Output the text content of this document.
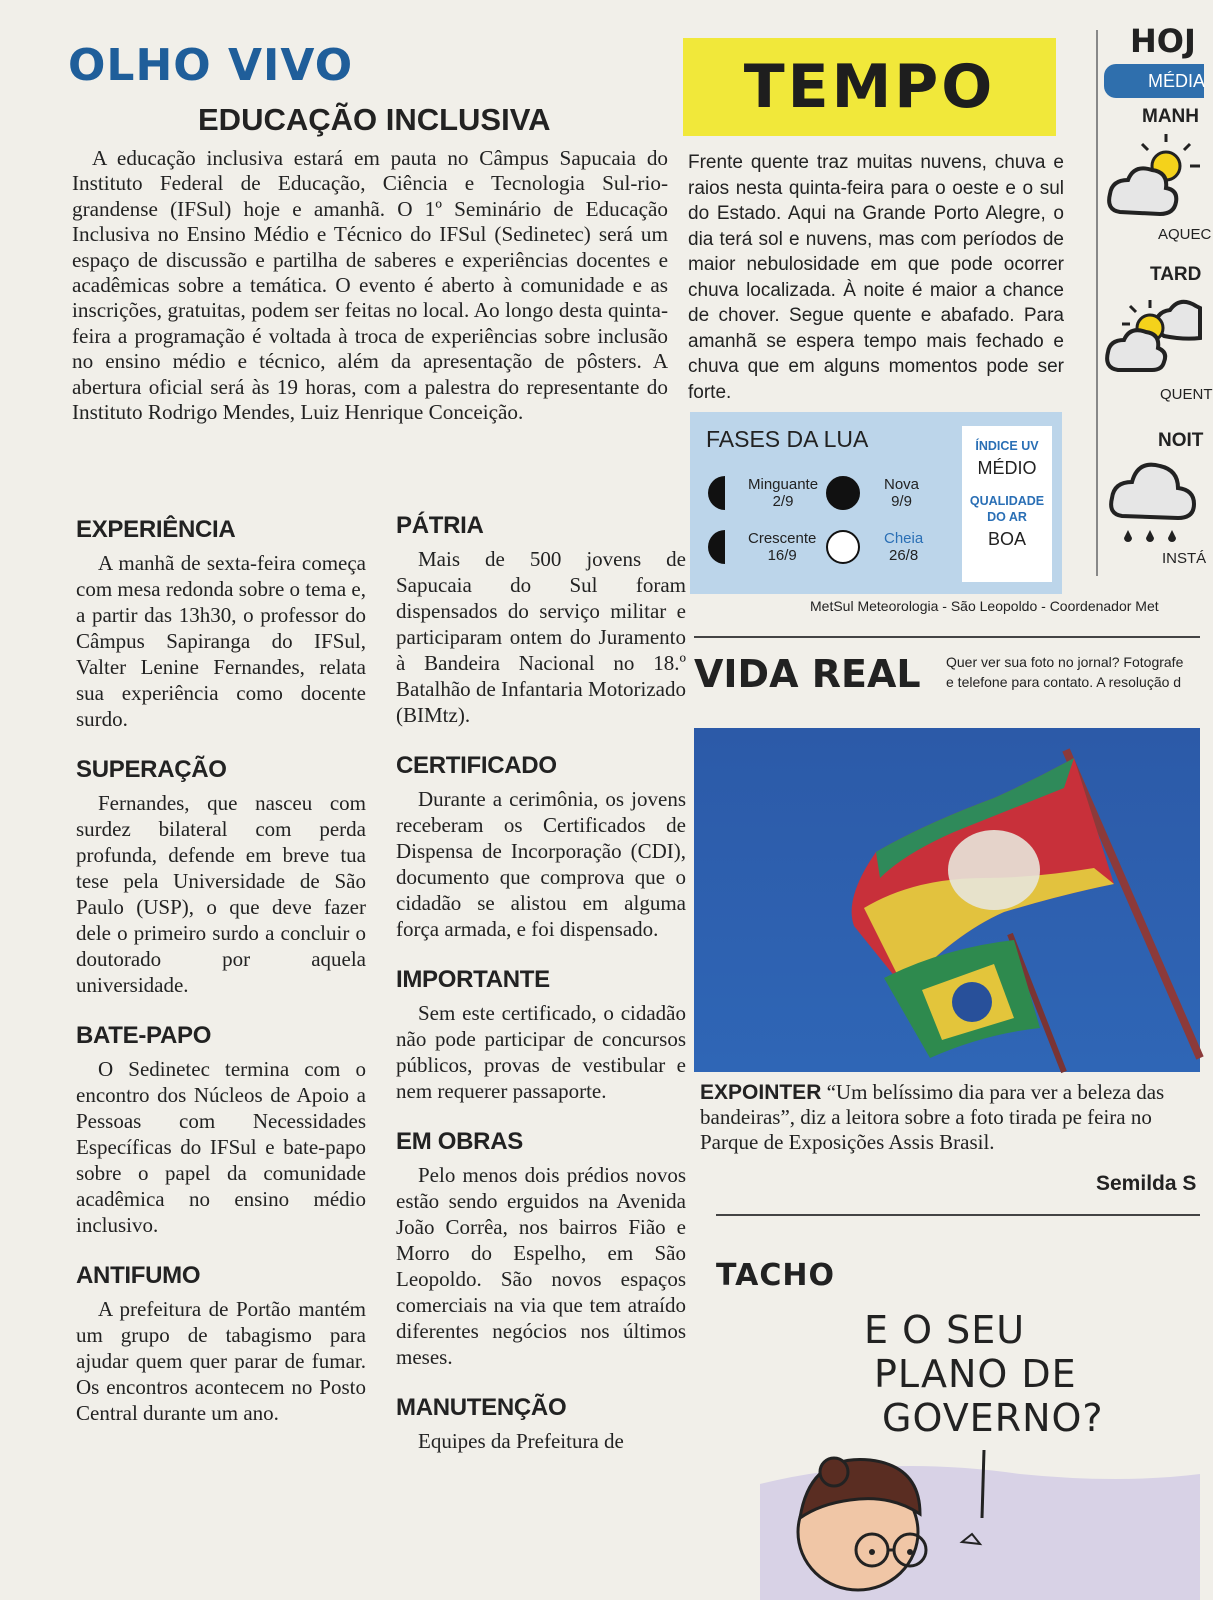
OLHO VIVO
EDUCAÇÃO INCLUSIVA

A educação inclusiva estará em pauta no Câmpus Sapucaia do Instituto Federal de Educação, Ciência e Tecnologia Sul-rio-grandense (IFSul) hoje e amanhã. O 1º Seminário de Educação Inclusiva no Ensino Médio e Técnico do IFSul (Sedinetec) será um espaço de discussão e partilha de saberes e experiências docentes e acadêmicas sobre a temática. O evento é aberto à comunidade e as inscrições, gratuitas, podem ser feitas no local. Ao longo desta quinta-feira a programação é voltada à troca de experiências sobre inclusão no ensino médio e técnico, além da apresentação de pôsters. A abertura oficial será às 19 horas, com a palestra do representante do Instituto Rodrigo Mendes, Luiz Henrique Conceição.

EXPERIÊNCIA

A manhã de sexta-feira começa com mesa redonda sobre o tema e, a partir das 13h30, o professor do Câmpus Sapiranga do IFSul, Valter Lenine Fernandes, relata sua experiência como docente surdo.

SUPERAÇÃO

Fernandes, que nasceu com surdez bilateral com perda profunda, defende em breve tua tese pela Universidade de São Paulo (USP), o que deve fazer dele o primeiro surdo a concluir o doutorado por aquela universidade.

BATE-PAPO

O Sedinetec termina com o encontro dos Núcleos de Apoio a Pessoas com Necessidades Específicas do IFSul e bate-papo sobre o papel da comunidade acadêmica no ensino médio inclusivo.

ANTIFUMO

A prefeitura de Portão mantém um grupo de tabagismo para ajudar quem quer parar de fumar. Os encontros acontecem no Posto Central durante um ano.

PÁTRIA

Mais de 500 jovens de Sapucaia do Sul foram dispensados do serviço militar e participaram ontem do Juramento à Bandeira Nacional no 18.º Batalhão de Infantaria Motorizado (BIMtz).

CERTIFICADO

Durante a cerimônia, os jovens receberam os Certificados de Dispensa de Incorporação (CDI), documento que comprova que o cidadão se alistou em alguma força armada, e foi dispensado.

IMPORTANTE

Sem este certificado, o cidadão não pode participar de concursos públicos, provas de vestibular e nem requerer passaporte.

EM OBRAS

Pelo menos dois prédios novos estão sendo erguidos na Avenida João Corrêa, nos bairros Fião e Morro do Espelho, em São Leopoldo. São novos espaços comerciais na via que tem atraído diferentes negócios nos últimos meses.

MANUTENÇÃO

Equipes da Prefeitura de

TEMPO

Frente quente traz muitas nuvens, chuva e raios nesta quinta-feira para o oeste e o sul do Estado. Aqui na Grande Porto Alegre, o dia terá sol e nuvens, mas com períodos de maior nebulosidade em que pode ocorrer chuva localizada. À noite é maior a chance de chover. Segue quente e abafado. Para amanhã se espera tempo mais fechado e chuva que em alguns momentos pode ser forte.

FASES DA LUA
Minguante
2/9
Nova
9/9
Crescente
16/9
Cheia
26/8
ÍNDICE UV
MÉDIO
QUALIDADE DO AR
BOA
MetSul Meteorologia - São Leopoldo - Coordenador Met
HOJ
MÉDIA
MANH
AQUEC
TARD
QUENT
NOIT
INSTÁ
VIDA REAL Quer ver sua foto no jornal? Fotografe
e telefone para contato. A resolução d

EXPOINTER “Um belíssimo dia para ver a beleza das bandeiras”, diz a leitora sobre a foto tirada pe feira no Parque de Exposições Assis Brasil.

Semilda S
TACHO
E O SEU
PLANO DE
GOVERNO?
